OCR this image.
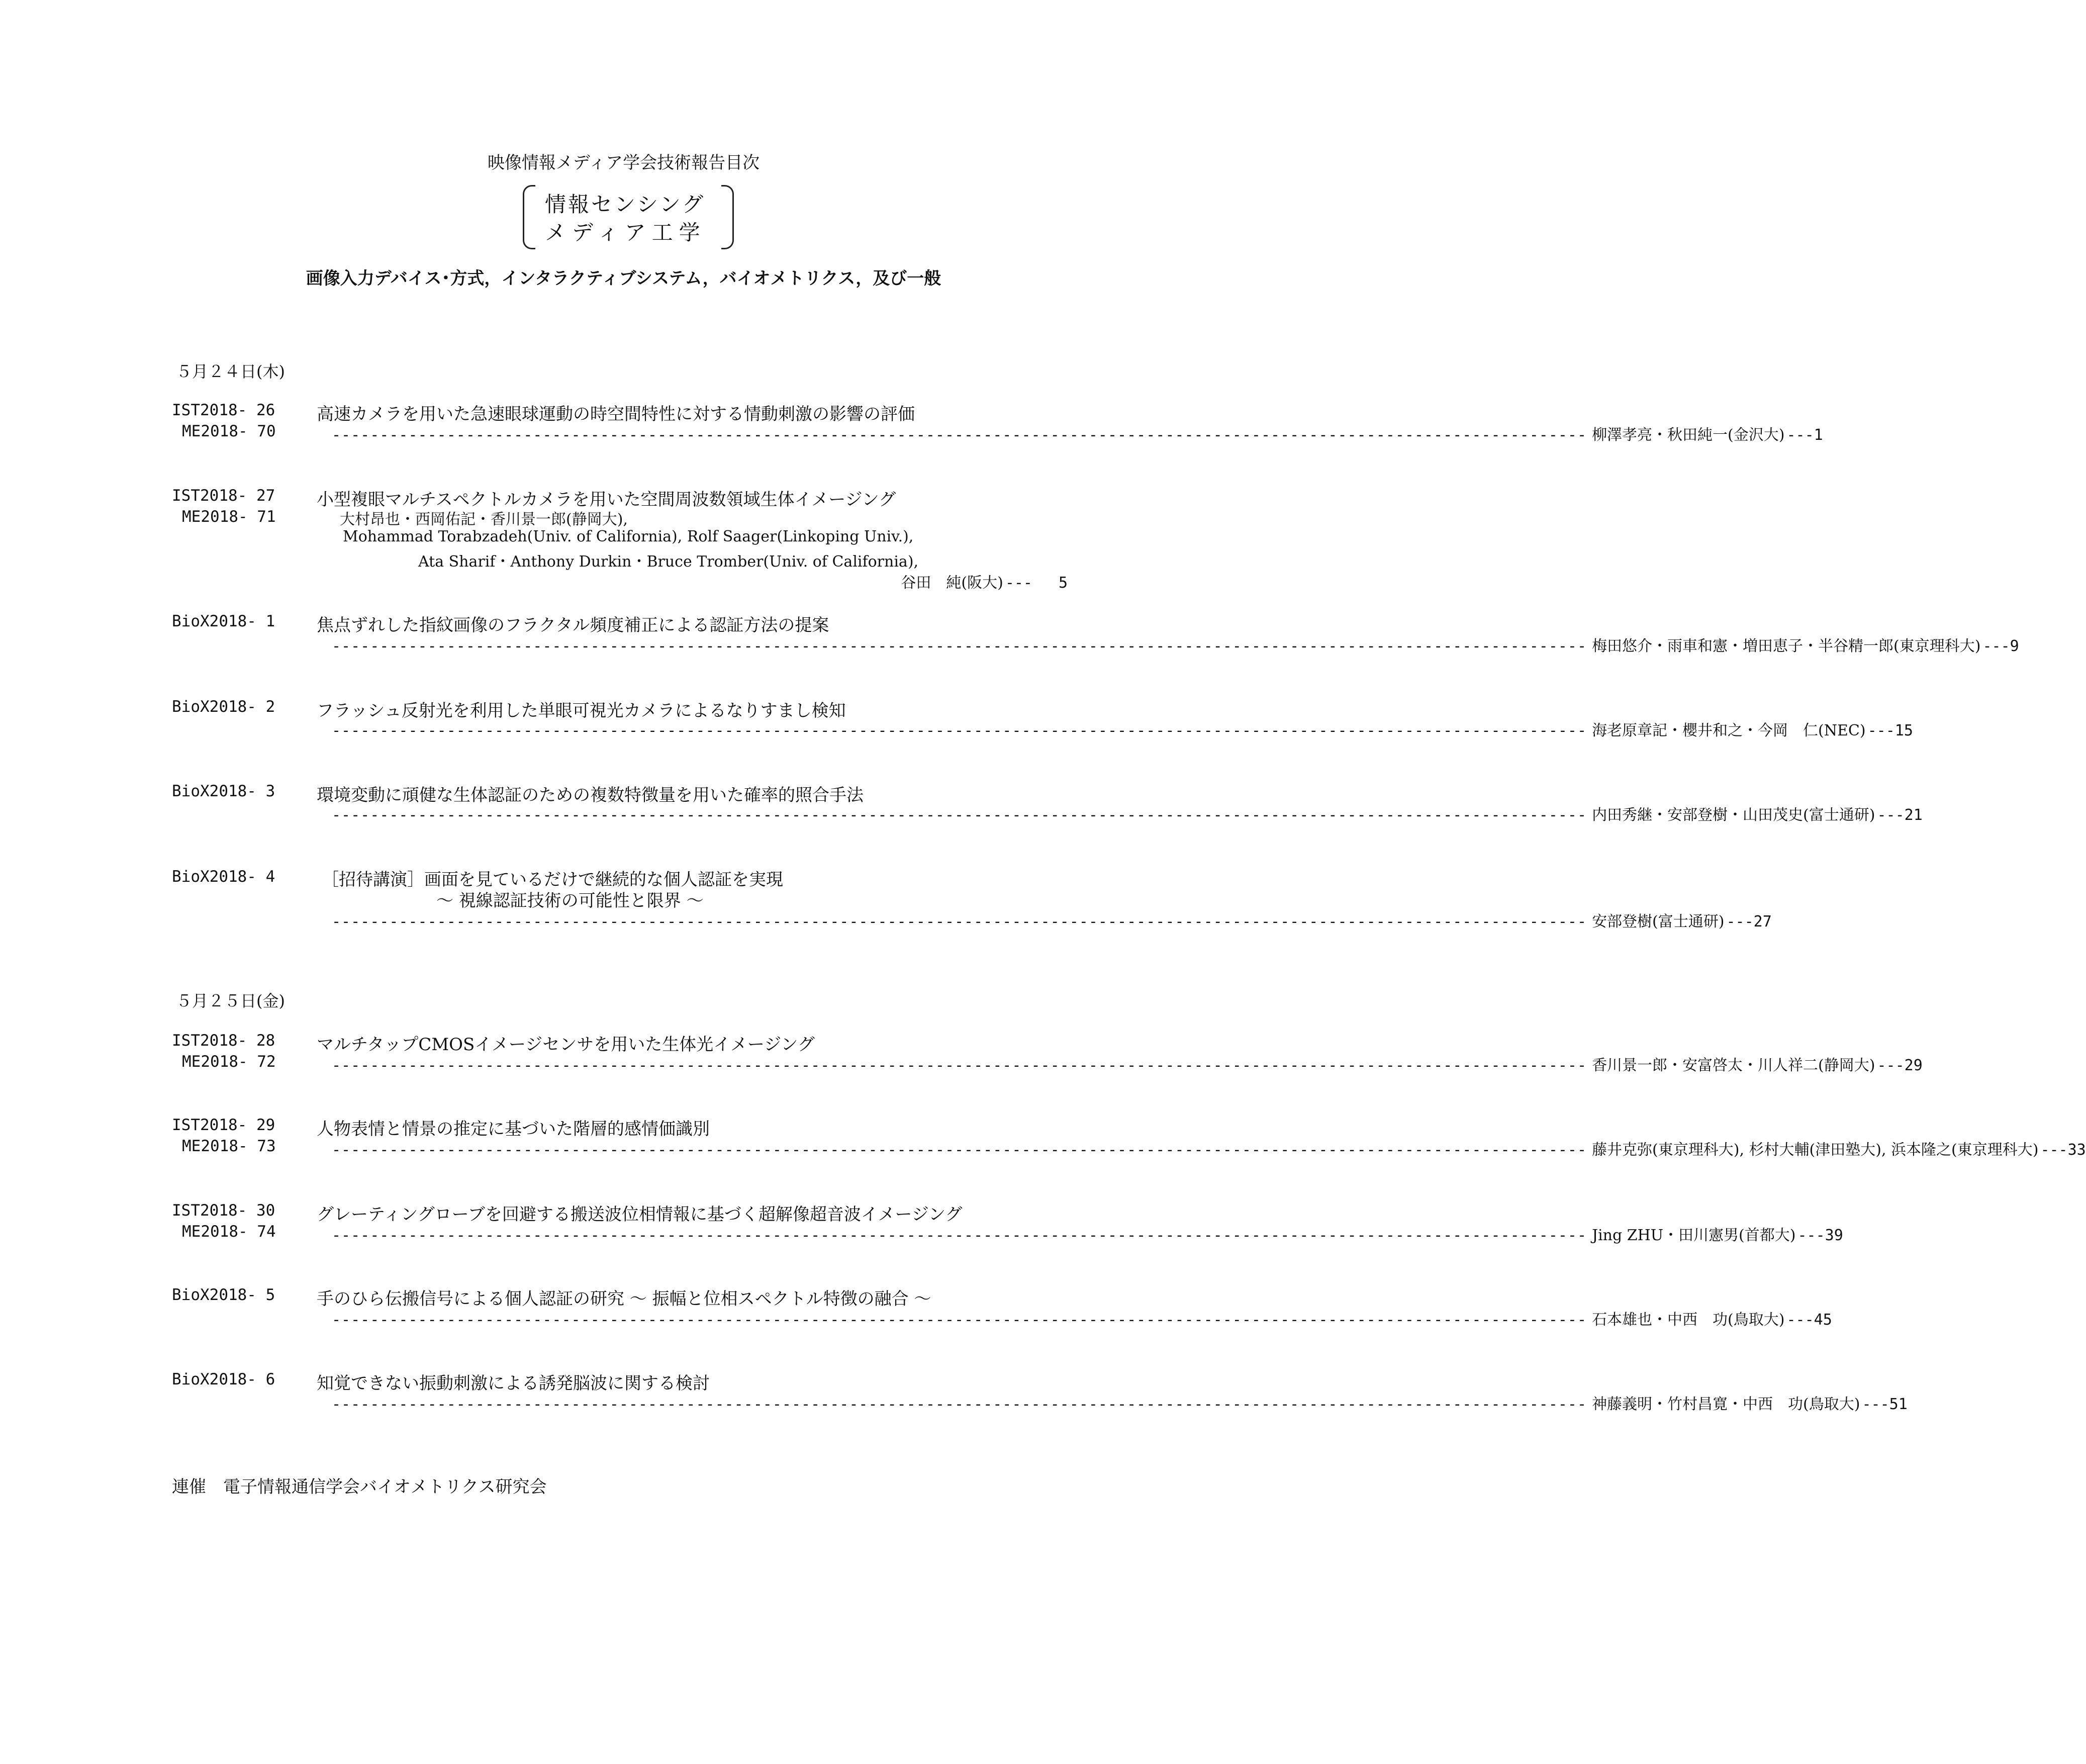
映像情報メディア学会技術報告目次
情報センシング
メディア工学
画像入力デバイス･方式，インタラクティブシステム，バイオメトリクス，及び一般
５月２４日(木)
IST2018- 26
ME2018- 70
高速カメラを用いた急速眼球運動の時空間特性に対する情動刺激の影響の評価
----------------------------------------------------------------------------------------------------------------------------------- 柳澤孝亮・秋田純一(金沢大) --- 1
IST2018- 27
ME2018- 71
小型複眼マルチスペクトルカメラを用いた空間周波数領域生体イメージング
大村昂也・西岡佑記・香川景一郎(静岡大),
Mohammad Torabzadeh(Univ. of California), Rolf Saager(Linkoping Univ.),
Ata Sharif・Anthony Durkin・Bruce Tromber(Univ. of California),
谷田　純(阪大) ---	5
BioX2018- 1 焦点ずれした指紋画像のフラクタル頻度補正による認証方法の提案
----------------------------------------------------------------------------------------------------------------------------------- 梅田悠介・雨車和憲・増田恵子・半谷精一郎(東京理科大) --- 9
BioX2018- 2 フラッシュ反射光を利用した単眼可視光カメラによるなりすまし検知
----------------------------------------------------------------------------------------------------------------------------------- 海老原章記・櫻井和之・今岡　仁(NEC) --- 15
BioX2018- 3 環境変動に頑健な生体認証のための複数特徴量を用いた確率的照合手法
----------------------------------------------------------------------------------------------------------------------------------- 内田秀継・安部登樹・山田茂史(富士通研) --- 21
BioX2018- 4	［招待講演］画面を見ているだけで継続的な個人認証を実現
～ 視線認証技術の可能性と限界 ～
----------------------------------------------------------------------------------------------------------------------------------- 安部登樹(富士通研) --- 27
５月２５日(金)
IST2018- 28
ME2018- 72
マルチタップCMOSイメージセンサを用いた生体光イメージング
----------------------------------------------------------------------------------------------------------------------------------- 香川景一郎・安富啓太・川人祥二(静岡大) --- 29
IST2018- 29
ME2018- 73
人物表情と情景の推定に基づいた階層的感情価識別
----------------------------------------------------------------------------------------------------------------------------------- 藤井克弥(東京理科大), 杉村大輔(津田塾大), 浜本隆之(東京理科大) --- 33
IST2018- 30
ME2018- 74
グレーティングローブを回避する搬送波位相情報に基づく超解像超音波イメージング
----------------------------------------------------------------------------------------------------------------------------------- Jing ZHU・田川憲男(首都大) --- 39
BioX2018- 5 手のひら伝搬信号による個人認証の研究 ～ 振幅と位相スペクトル特徴の融合 ～
----------------------------------------------------------------------------------------------------------------------------------- 石本雄也・中西　功(鳥取大) --- 45
BioX2018- 6 知覚できない振動刺激による誘発脳波に関する検討
----------------------------------------------------------------------------------------------------------------------------------- 神藤義明・竹村昌寛・中西　功(鳥取大) --- 51
連催　電子情報通信学会バイオメトリクス研究会
